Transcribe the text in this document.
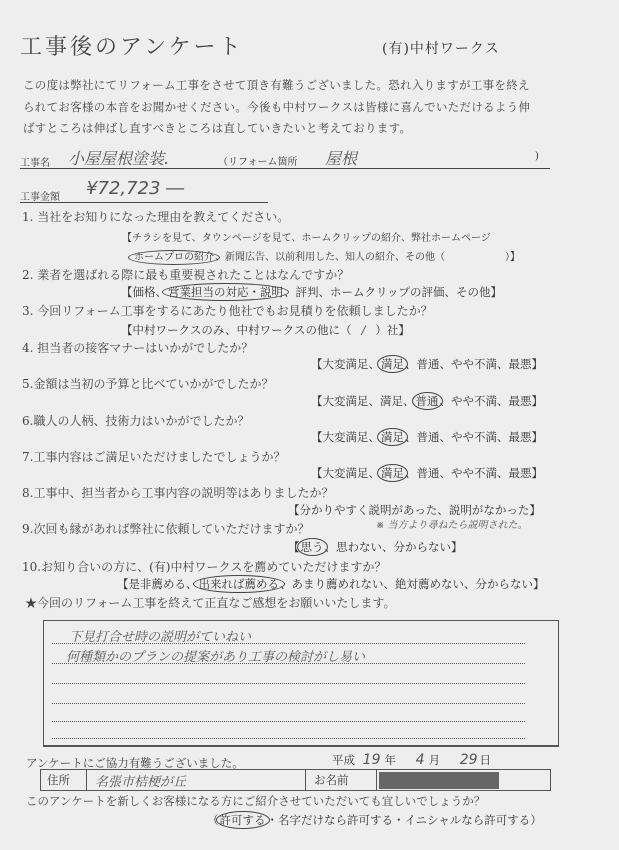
工事後のアンケート	(有)中村ワークス
この度は弊社にてリフォーム工事をさせて頂き有難うございました。恐れ入りますが工事を終え
られてお客様の本音をお聞かせください。今後も中村ワークスは皆様に喜んでいただけるよう伸
ばすところは伸ばし直すべきところは直していきたいと考えております。
工事名 小屋屋根塗装.	（リフォーム箇所 屋根	)
工事金額 ¥72,723 ―
1. 当社をお知りになった理由を教えてください。
【チラシを見て、タウンページを見て、ホームクリップの紹介、弊社ホームページ
ホームプロの紹介、新聞広告、以前利用した、知人の紹介、その他（　　　　　　）】
2. 業者を選ばれる際に最も重要視されたことはなんですか？
【価格、営業担当の対応・説明、評判、ホームクリップの評価、その他】
3. 今回リフォーム工事をするにあたり他社でもお見積りを依頼しましたか？
【中村ワークスのみ、中村ワークスの他に（ / ）社】
4. 担当者の接客マナーはいかがでしたか？
【大変満足、満足、普通、やや不満、最悪】
5.金額は当初の予算と比べていかがでしたか？
【大変満足、満足、普通、やや不満、最悪】
6.職人の人柄、技術力はいかがでしたか？
【大変満足、満足、普通、やや不満、最悪】
7.工事内容はご満足いただけましたでしょうか？
【大変満足、満足、普通、やや不満、最悪】
8.工事中、担当者から工事内容の説明等はありましたか？
【分かりやすく説明があった、説明がなかった】
※ 当方より尋ねたら説明された。
9.次回も縁があれば弊社に依頼していただけますか？
【思う、思わない、分からない】
10.お知り合いの方に、(有)中村ワークスを薦めていただけますか？
【是非薦める、出来れば薦める、あまり薦めれない、絶対薦めない、分からない】
★今回のリフォーム工事を終えて正直なご感想をお願いいたします。
下見打合せ時の説明がていねい
何種類かのプランの提案があり工事の検討がし易い
アンケートにご協力有難うございました。	平成 19 年 4 月 29 日
住所	名張市桔梗が丘	お名前
このアンケートを新しくお客様になる方にご紹介させていただいても宜しいでしょうか？
（許可する・名字だけなら許可する・イニシャルなら許可する）
